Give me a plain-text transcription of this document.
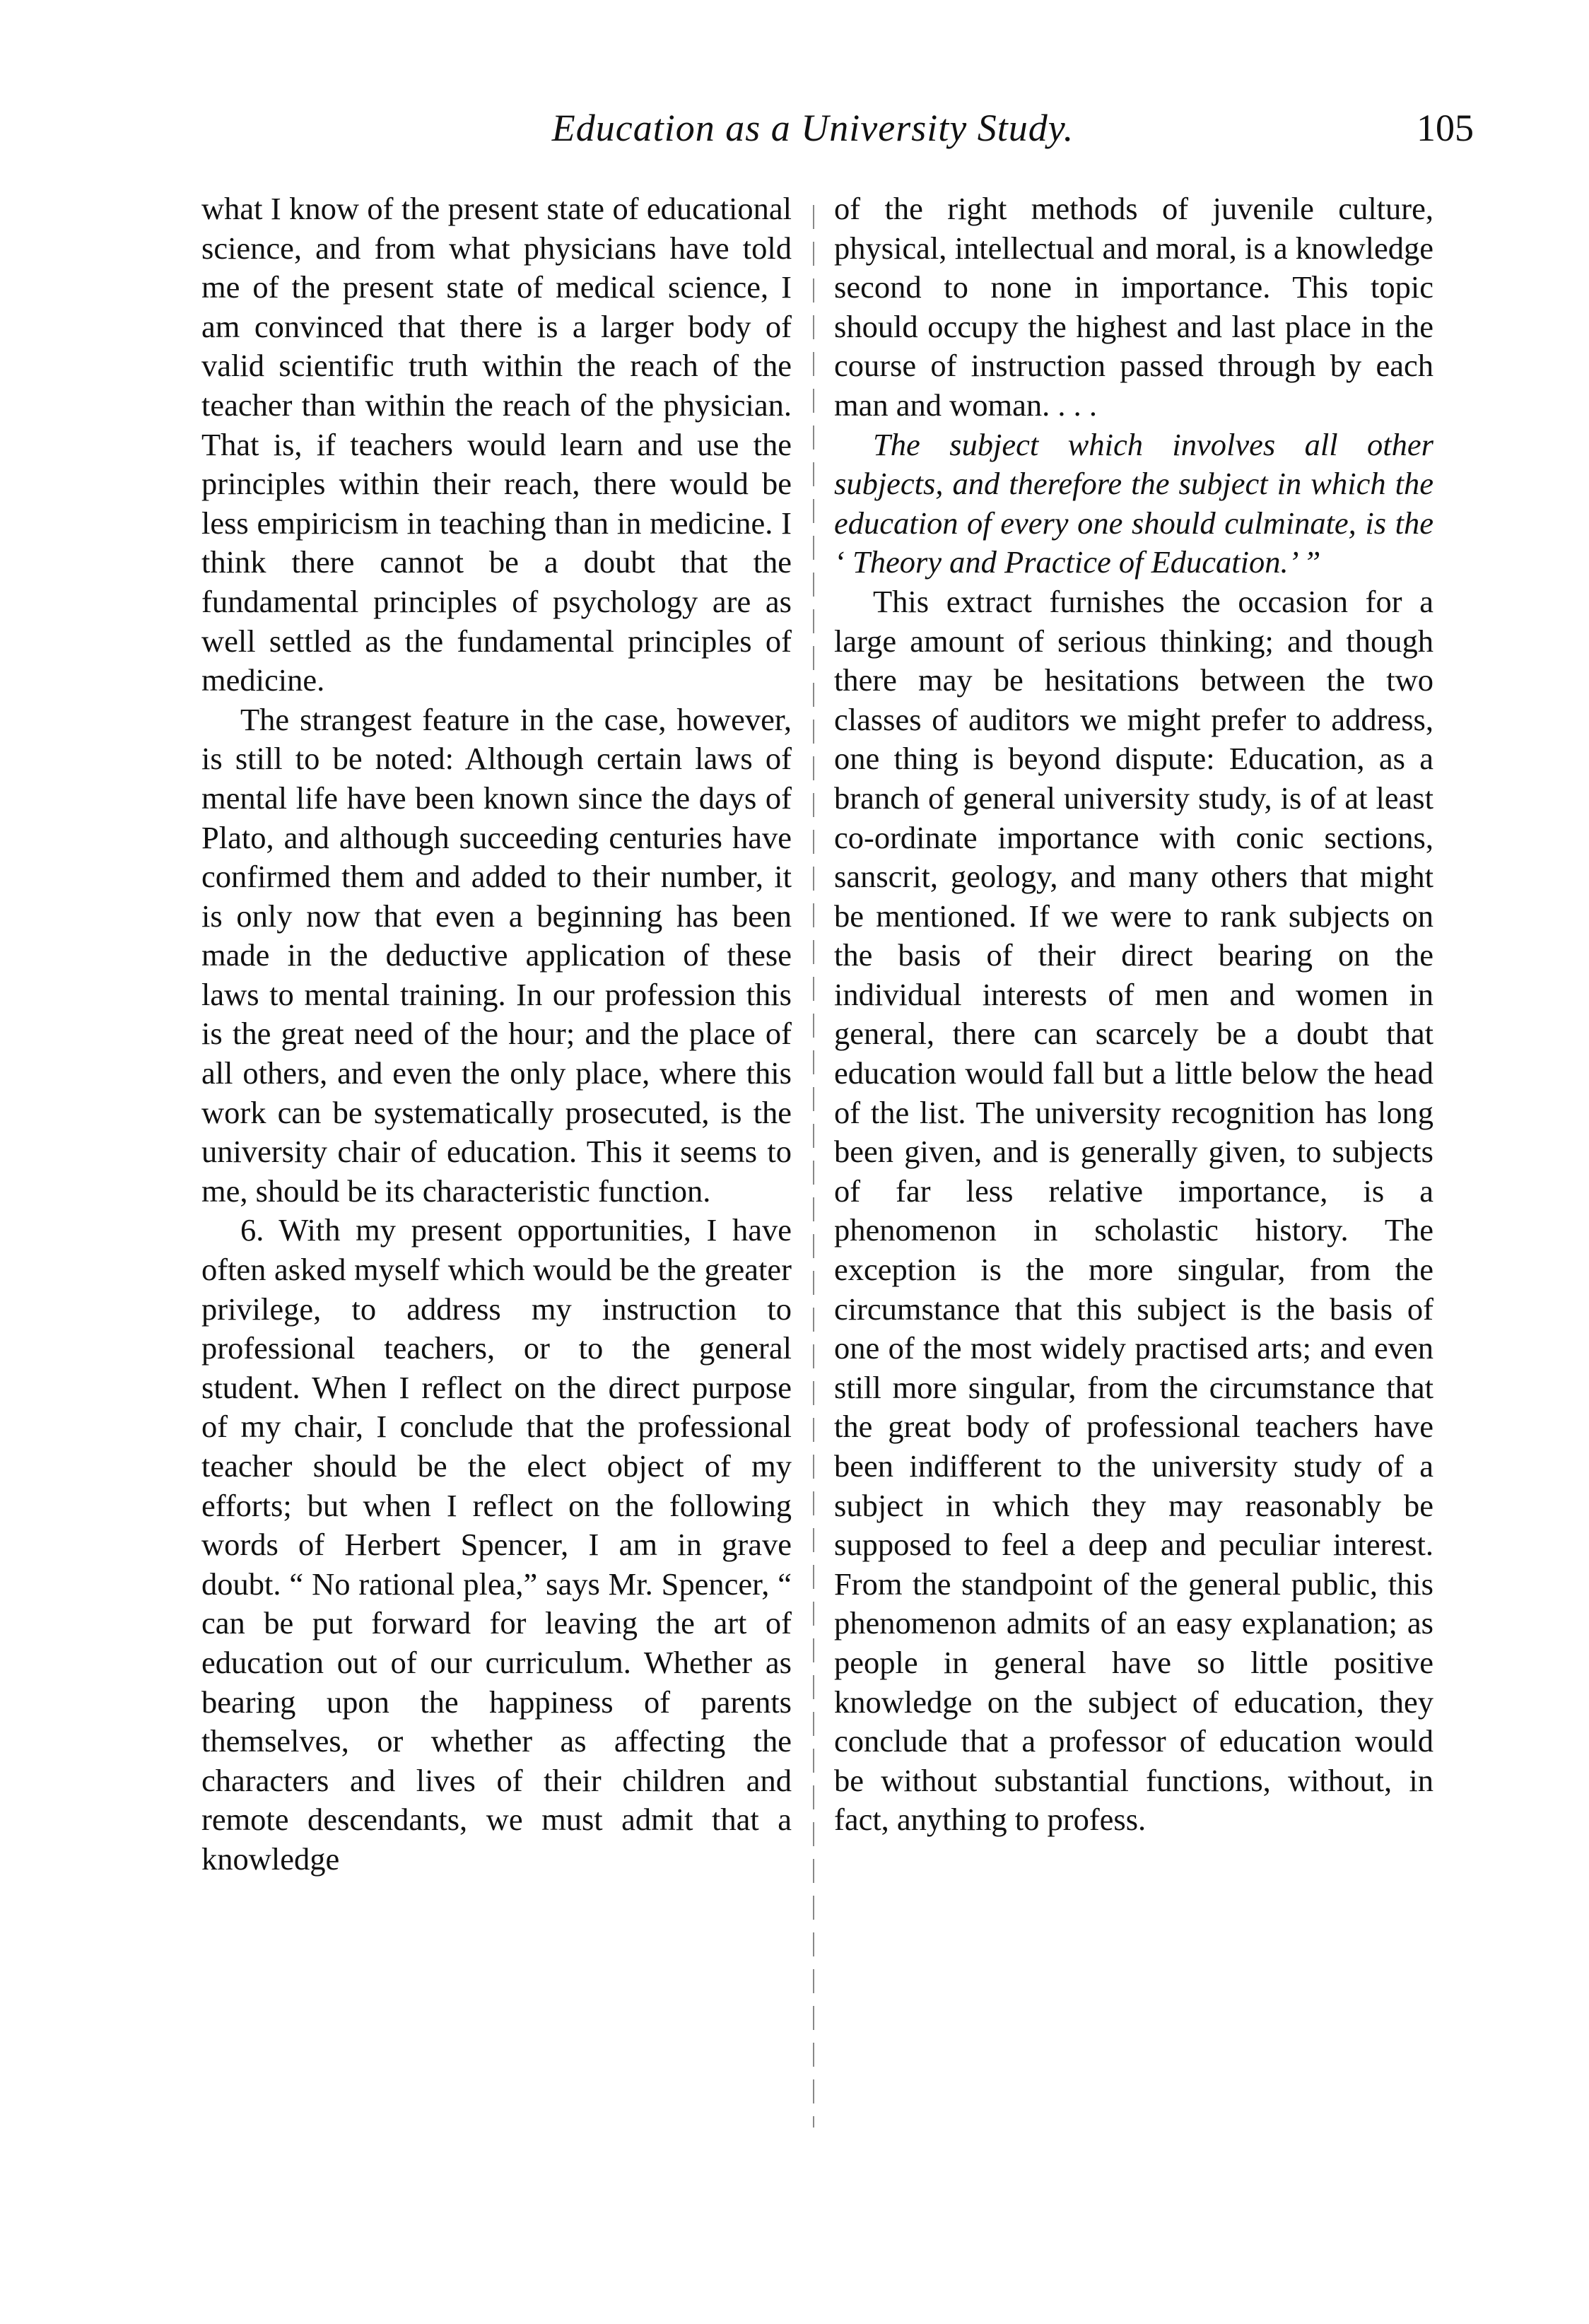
Education as a University Study.	105

what I know of the present state of educational science, and from what physicians have told me of the present state of medical science, I am convinced that there is a larger body of valid scientific truth within the reach of the teacher than within the reach of the physician. That is, if teachers would learn and use the principles within their reach, there would be less empiricism in teaching than in medicine. I think there cannot be a doubt that the fundamental principles of psychology are as well settled as the fundamental principles of medicine.

The strangest feature in the case, however, is still to be noted: Although certain laws of mental life have been known since the days of Plato, and although succeeding centuries have confirmed them and added to their number, it is only now that even a beginning has been made in the deductive application of these laws to mental training. In our profession this is the great need of the hour; and the place of all others, and even the only place, where this work can be systematically prosecuted, is the university chair of education. This it seems to me, should be its characteristic function.

6. With my present opportunities, I have often asked myself which would be the greater privilege, to address my instruction to professional teachers, or to the general student. When I reflect on the direct purpose of my chair, I conclude that the professional teacher should be the elect object of my efforts; but when I reflect on the following words of Herbert Spencer, I am in grave doubt. “ No rational plea,” says Mr. Spencer, “ can be put forward for leaving the art of education out of our curriculum. Whether as bearing upon the happiness of parents themselves, or whether as affecting the characters and lives of their children and remote descendants, we must admit that a knowledge

of the right methods of juvenile culture, physical, intellectual and moral, is a knowledge second to none in importance. This topic should occupy the highest and last place in the course of instruction passed through by each man and woman. . . .

The subject which involves all other subjects, and therefore the subject in which the education of every one should culminate, is the ‘ Theory and Practice of Education.’ ”

This extract furnishes the occasion for a large amount of serious thinking; and though there may be hesitations between the two classes of auditors we might prefer to address, one thing is beyond dispute: Education, as a branch of general university study, is of at least co-ordinate importance with conic sections, sanscrit, geology, and many others that might be mentioned. If we were to rank subjects on the basis of their direct bearing on the individual interests of men and women in general, there can scarcely be a doubt that education would fall but a little below the head of the list. The university recognition has long been given, and is generally given, to subjects of far less relative importance, is a phenomenon in scholastic history. The exception is the more singular, from the circumstance that this subject is the basis of one of the most widely practised arts; and even still more singular, from the circumstance that the great body of professional teachers have been indifferent to the university study of a subject in which they may reasonably be supposed to feel a deep and peculiar interest. From the standpoint of the general public, this phenomenon admits of an easy explanation; as people in general have so little positive knowledge on the subject of education, they conclude that a professor of education would be without substantial functions, without, in fact, anything to profess.
